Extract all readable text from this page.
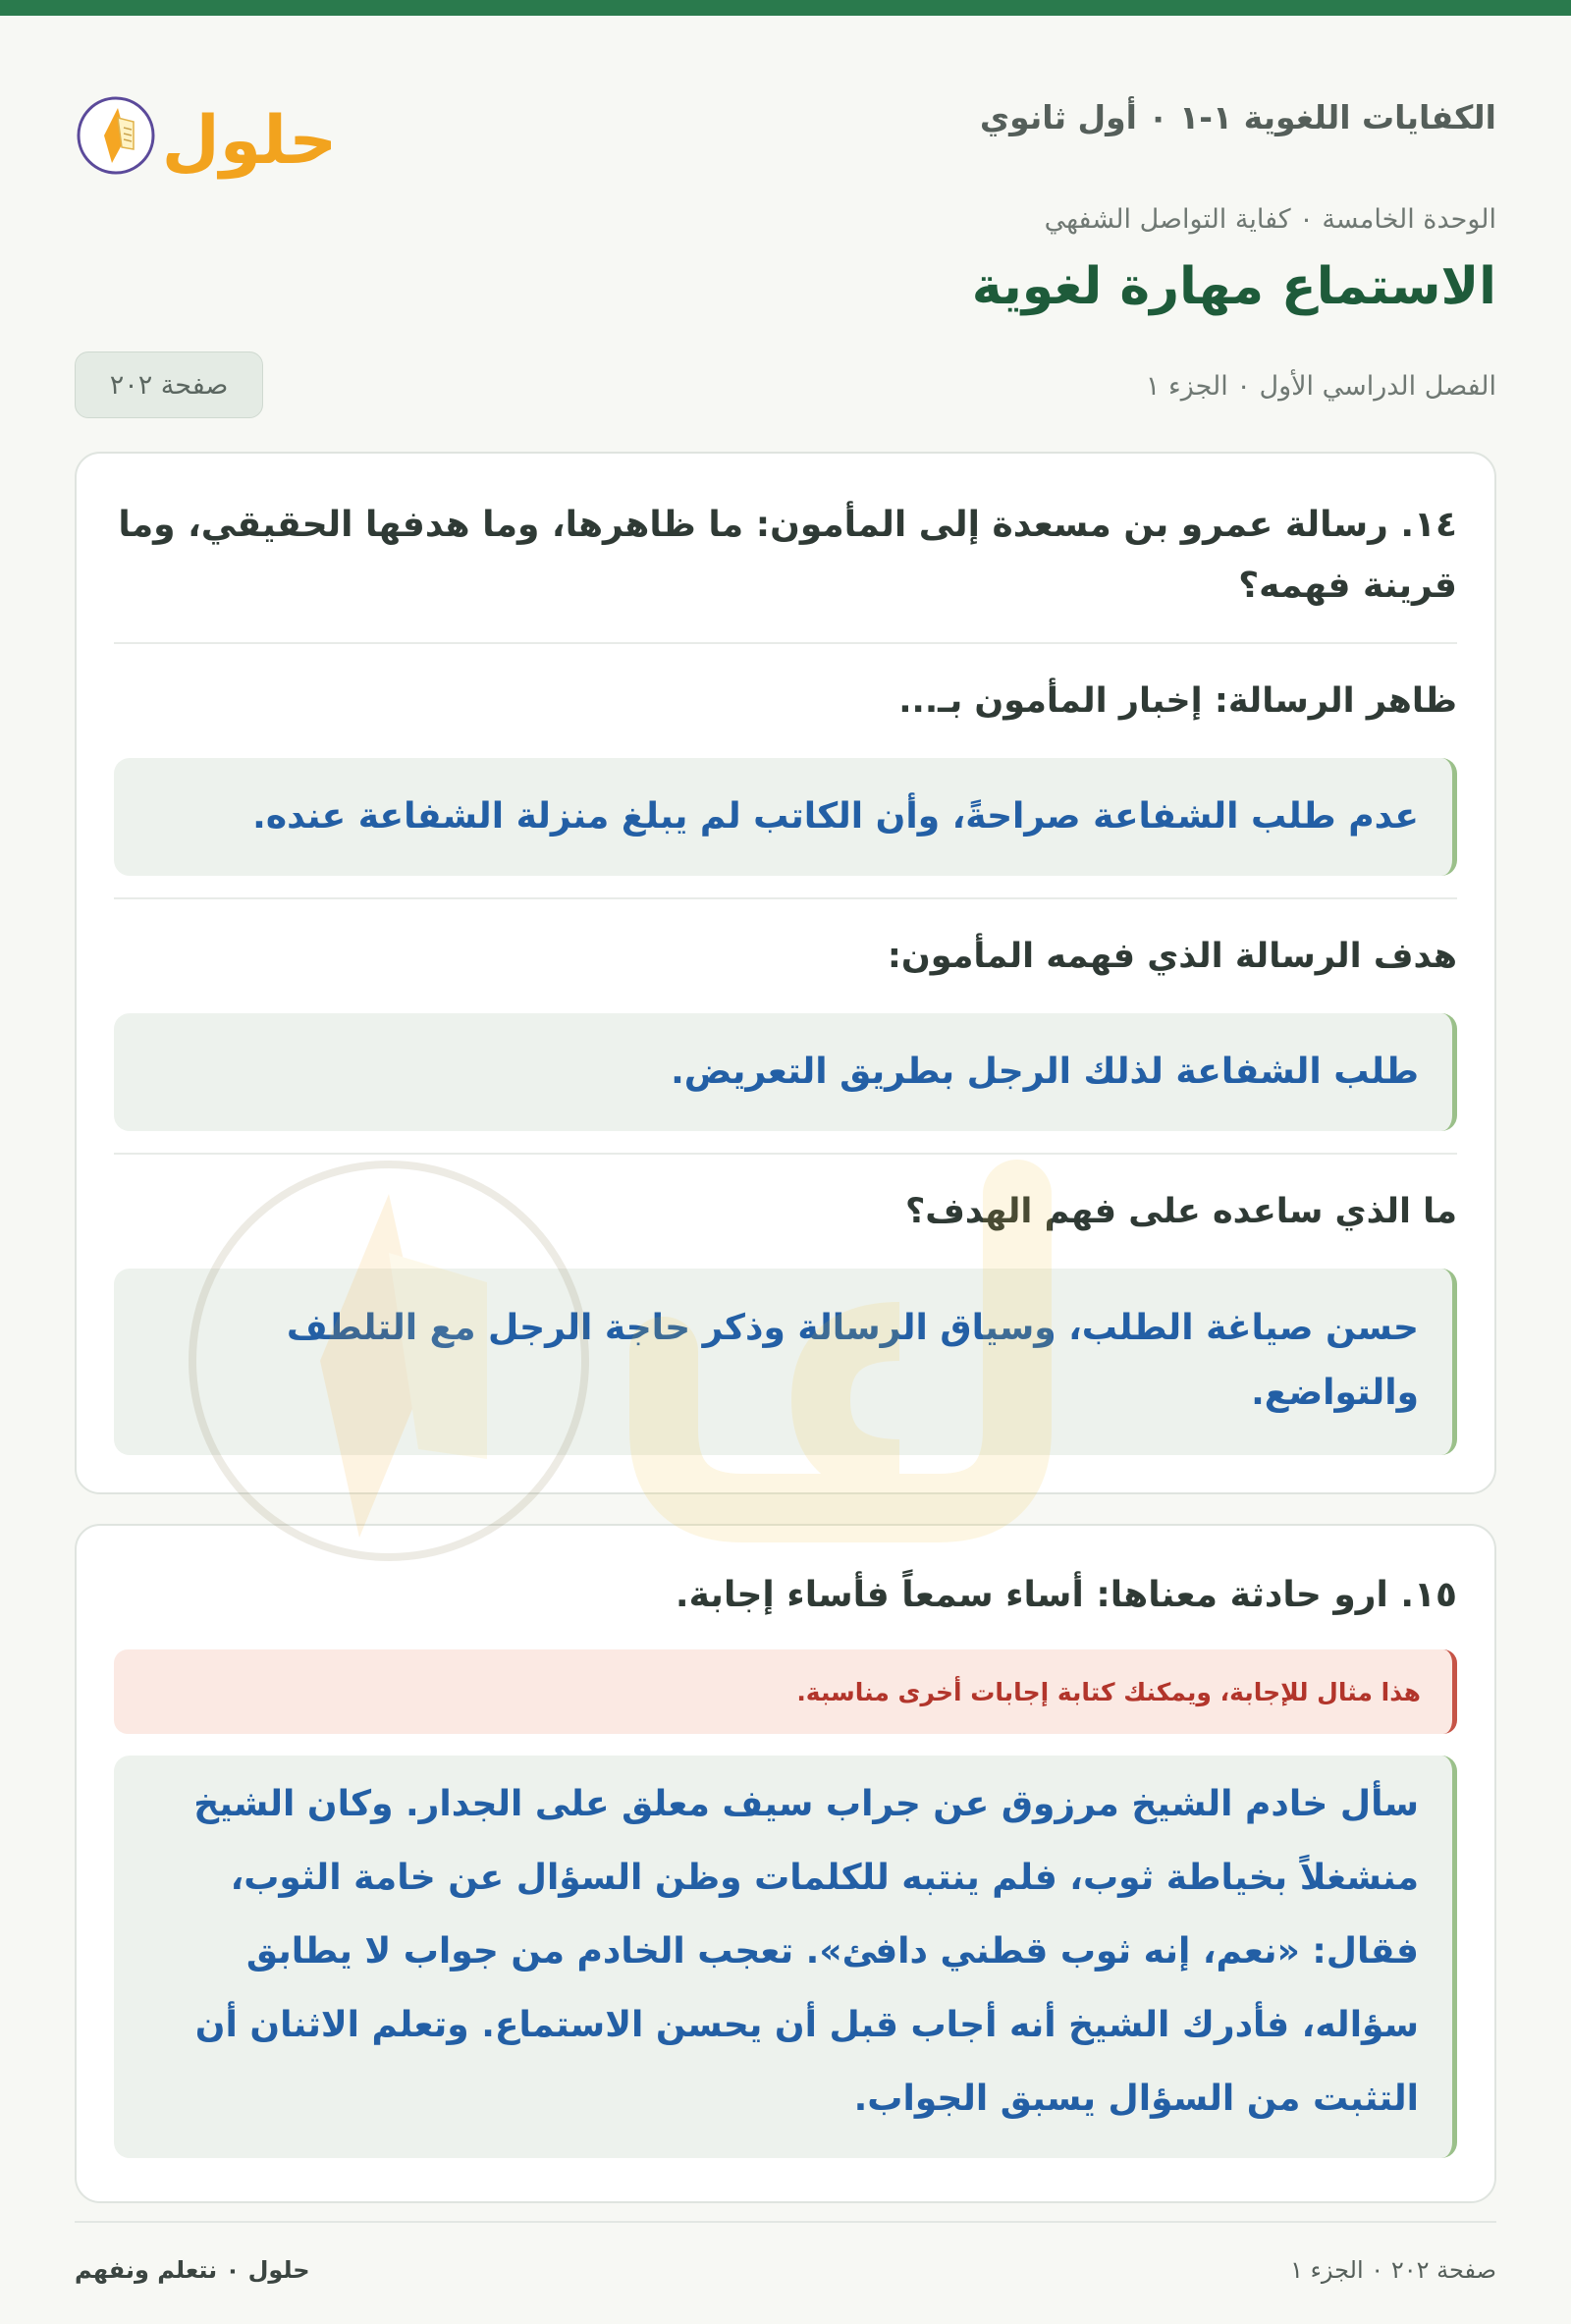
الكفايات اللغوية ١-١ ٠ أول ثانوي
حلول
الوحدة الخامسة ٠ كفاية التواصل الشفهي
الاستماع مهارة لغوية
الفصل الدراسي الأول ٠ الجزء ١
صفحة ٢٠٢
١٤. رسالة عمرو بن مسعدة إلى المأمون: ما ظاهرها، وما هدفها الحقيقي، وما قرينة فهمه؟
ظاهر الرسالة: إخبار المأمون بـ...
عدم طلب الشفاعة صراحةً، وأن الكاتب لم يبلغ منزلة الشفاعة عنده.
هدف الرسالة الذي فهمه المأمون:
طلب الشفاعة لذلك الرجل بطريق التعريض.
ما الذي ساعده على فهم الهدف؟
حسن صياغة الطلب، وسياق الرسالة وذكر حاجة الرجل مع التلطف والتواضع.
١٥. ارو حادثة معناها: أساء سمعاً فأساء إجابة.
هذا مثال للإجابة، ويمكنك كتابة إجابات أخرى مناسبة.
سأل خادم الشيخ مرزوق عن جراب سيف معلق على الجدار. وكان الشيخ منشغلاً بخياطة ثوب، فلم ينتبه للكلمات وظن السؤال عن خامة الثوب، فقال: «نعم، إنه ثوب قطني دافئ». تعجب الخادم من جواب لا يطابق سؤاله، فأدرك الشيخ أنه أجاب قبل أن يحسن الاستماع. وتعلم الاثنان أن التثبت من السؤال يسبق الجواب.
صفحة ٢٠٢ ٠ الجزء ١
حلول ٠ نتعلم ونفهم
